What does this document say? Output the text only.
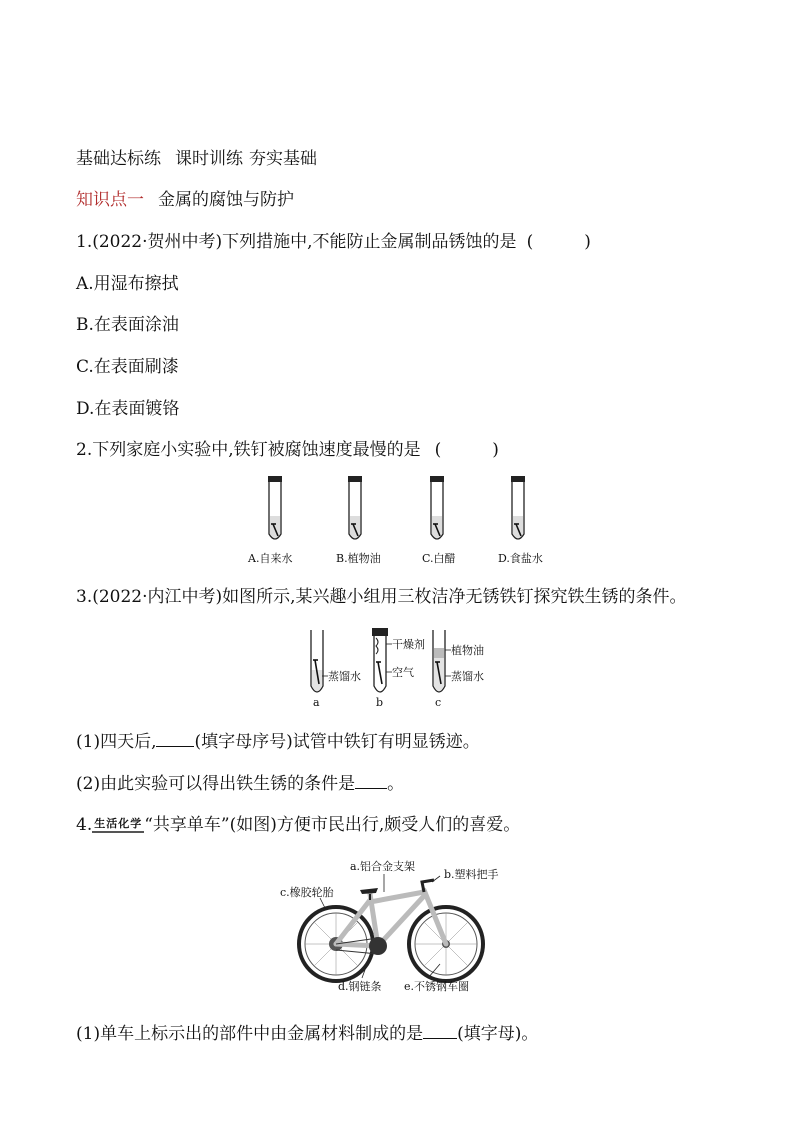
基础达标练 课时训练 夯实基础
知识点一 金属的腐蚀与防护
1.(2022·贺州中考)下列措施中,不能防止金属制品锈蚀的是 (　　　)
A.用湿布擦拭
B.在表面涂油
C.在表面刷漆
D.在表面镀铬
2.下列家庭小实验中,铁钉被腐蚀速度最慢的是 (　　　)
A.自来水	B.植物油	C.白醋	D.食盐水
3.(2022·内江中考)如图所示,某兴趣小组用三枚洁净无锈铁钉探究铁生锈的条件。
蒸馏水
a
干燥剂
空气
b
植物油
蒸馏水
c
(1)四天后, (填字母序号)试管中铁钉有明显锈迹。
(2)由此实验可以得出铁生锈的条件是 。
4. 生活化学 “共享单车”(如图)方便市民出行,颇受人们的喜爱。
a.铝合金支架
b.塑料把手
c.橡胶轮胎
d.钢链条 e.不锈钢车圈
(1)单车上标示出的部件中由金属材料制成的是 (填字母)。
